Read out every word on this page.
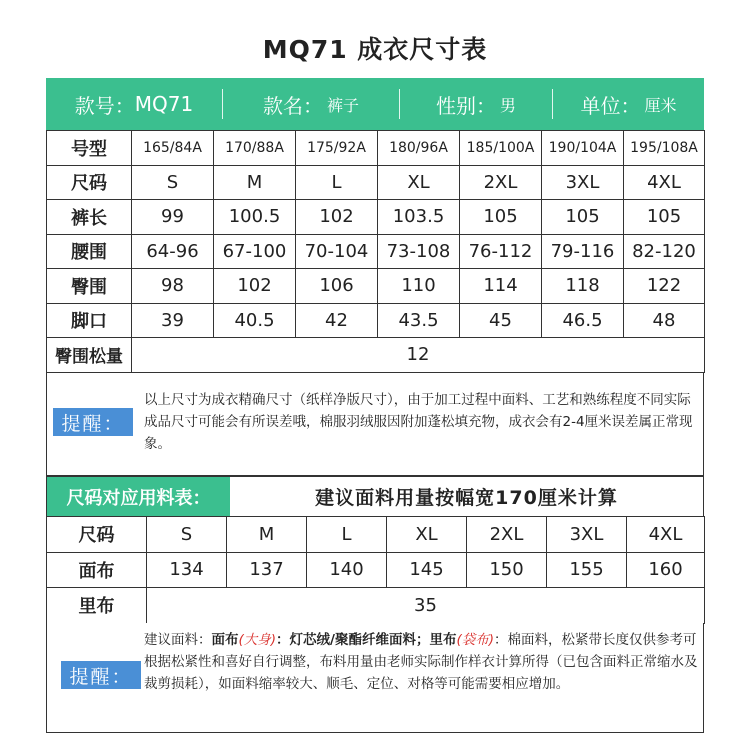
MQ71 成衣尺寸表
款号： MQ71	款名： 裤子	性别： 男	单位： 厘米
号型	165/84A	170/88A	175/92A	180/96A	185/100A	190/104A	195/108A
尺码	S	M	L	XL	2XL	3XL	4XL
裤长	99	100.5	102	103.5	105	105	105
腰围	64-96	67-100	70-104	73-108	76-112	79-116	82-120
臀围	98	102	106	110	114	118	122
脚口	39	40.5	42	43.5	45	46.5	48
臀围松量	12						
提醒：
以上尺寸为成衣精确尺寸（纸样净版尺寸），由于加工过程中面料、工艺和熟练程度不同实际成品尺寸可能会有所误差哦，棉服羽绒服因附加蓬松填充物，成衣会有2-4厘米误差属正常现象。
尺码对应用料表：	建议面料用量按幅宽170厘米计算
尺码	S	M	L	XL	2XL	3XL	4XL
面布	134	137	140	145	150	155	160
里布	35						
提醒：
建议面料：面布(大身)：灯芯绒/聚酯纤维面料；里布(袋布)：棉面料，松紧带长度仅供参考可根据松紧性和喜好自行调整，布料用量由老师实际制作样衣计算所得（已包含面料正常缩水及裁剪损耗），如面料缩率较大、顺毛、定位、对格等可能需要相应增加。
